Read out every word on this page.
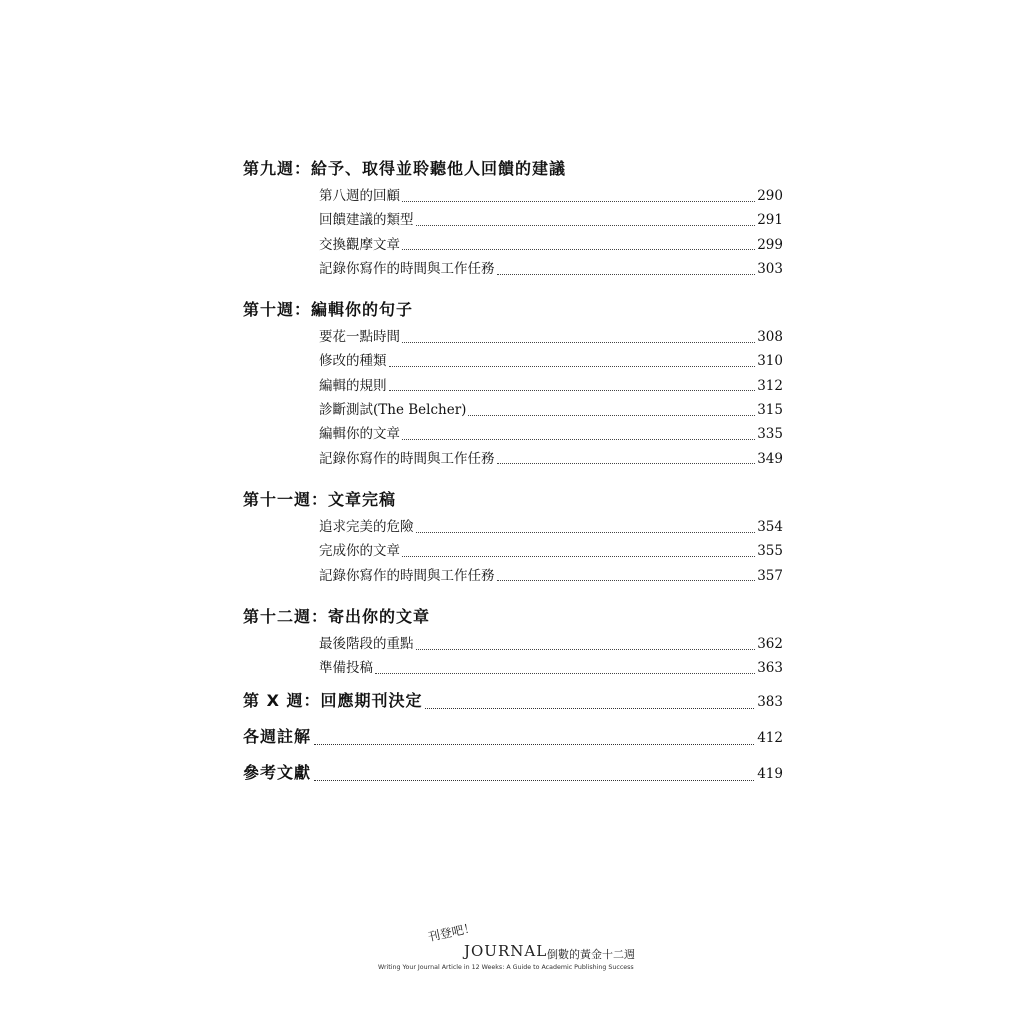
第九週：給予、取得並聆聽他人回饋的建議
第八週的回顧	290
回饋建議的類型	291
交換觀摩文章	299
記錄你寫作的時間與工作任務	303
第十週：編輯你的句子
要花一點時間	308
修改的種類	310
編輯的規則	312
診斷測試(The Belcher)	315
編輯你的文章	335
記錄你寫作的時間與工作任務	349
第十一週：文章完稿
追求完美的危險	354
完成你的文章	355
記錄你寫作的時間與工作任務	357
第十二週：寄出你的文章
最後階段的重點	362
準備投稿	363
第 X 週：回應期刊決定	383
各週註解	412
參考文獻	419
刊登吧！
JOURNAL 倒數的黃金十二週
Writing Your Journal Article in 12 Weeks: A Guide to Academic Publishing Success
